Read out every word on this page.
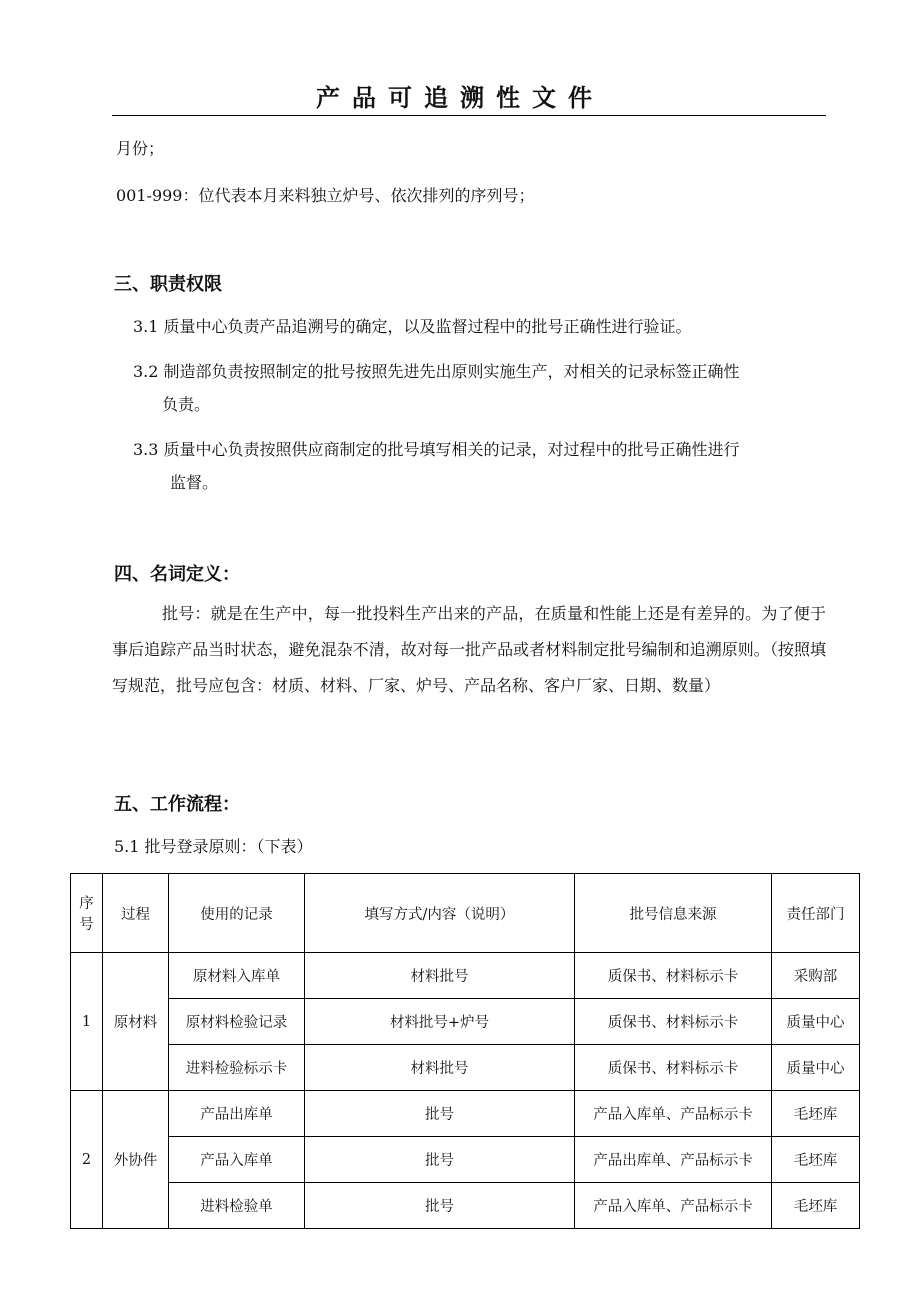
产品可追溯性文件
月份；
001-999：位代表本月来料独立炉号、依次排列的序列号；
三、职责权限
3.1 质量中心负责产品追溯号的确定，以及监督过程中的批号正确性进行验证。
3.2 制造部负责按照制定的批号按照先进先出原则实施生产，对相关的记录标签正确性
负责。
3.3 质量中心负责按照供应商制定的批号填写相关的记录，对过程中的批号正确性进行
监督。
四、名词定义：
批号：就是在生产中，每一批投料生产出来的产品，在质量和性能上还是有差异的。为了便于事后追踪产品当时状态，避免混杂不清，故对每一批产品或者材料制定批号编制和追溯原则。（按照填写规范，批号应包含：材质、材料、厂家、炉号、产品名称、客户厂家、日期、数量）
五、工作流程：
5.1 批号登录原则：（下表）
序号	过程	使用的记录	填写方式/内容（说明）	批号信息来源	责任部门
1	原材料	原材料入库单	材料批号	质保书、材料标示卡	采购部
		原材料检验记录	材料批号+炉号	质保书、材料标示卡	质量中心
		进料检验标示卡	材料批号	质保书、材料标示卡	质量中心
2	外协件	产品出库单	批号	产品入库单、产品标示卡	毛坯库
		产品入库单	批号	产品出库单、产品标示卡	毛坯库
		进料检验单	批号	产品入库单、产品标示卡	毛坯库
